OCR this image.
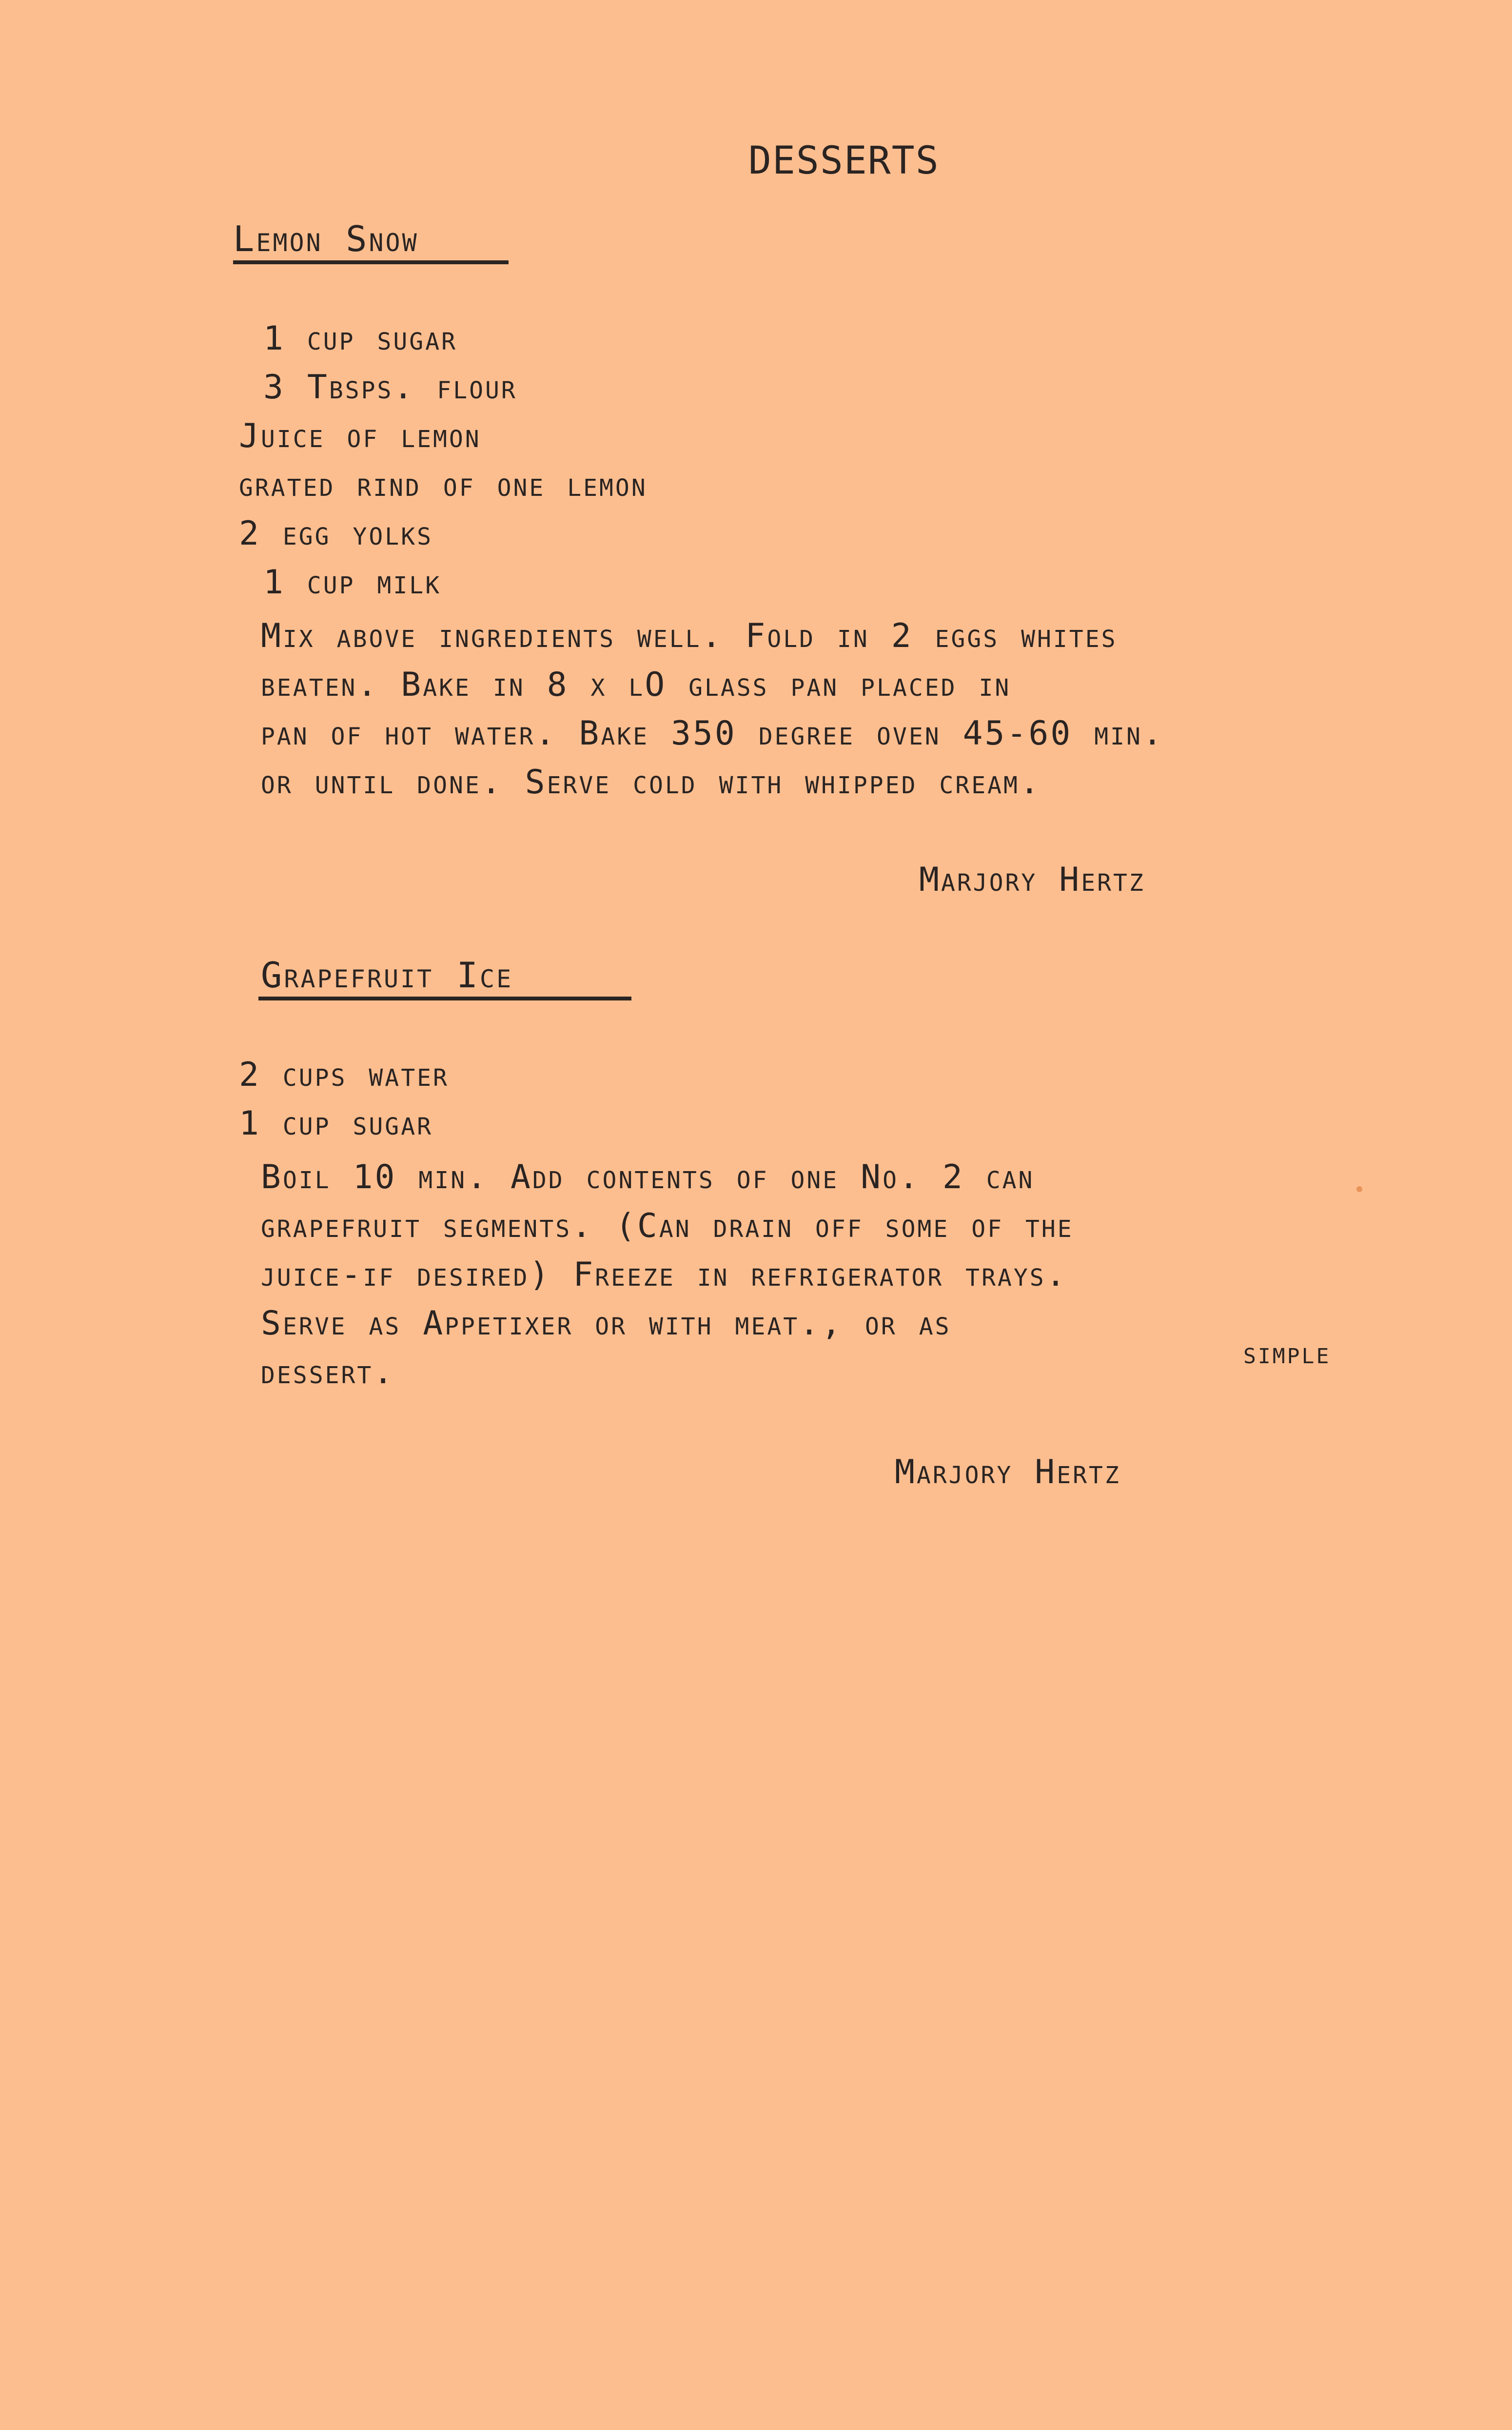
DESSERTS
Lemon Snow
1 cup sugar
3 Tbsps. flour
Juice of lemon
grated rind of one lemon
2 egg yolks
1 cup milk
Mix above ingredients well. Fold in 2 eggs whites
beaten. Bake in 8 x lO glass pan placed in
pan of hot water. Bake 350 degree oven 45-60 min.
or until done. Serve cold with whipped cream.
Marjory Hertz
Grapefruit Ice
2 cups water
1 cup sugar
Boil 10 min. Add contents of one No. 2 can
grapefruit segments. (Can drain off some of the
juice-if desired) Freeze in refrigerator trays.
Serve as Appetixer or with meat., or as
simple
dessert.
Marjory Hertz
